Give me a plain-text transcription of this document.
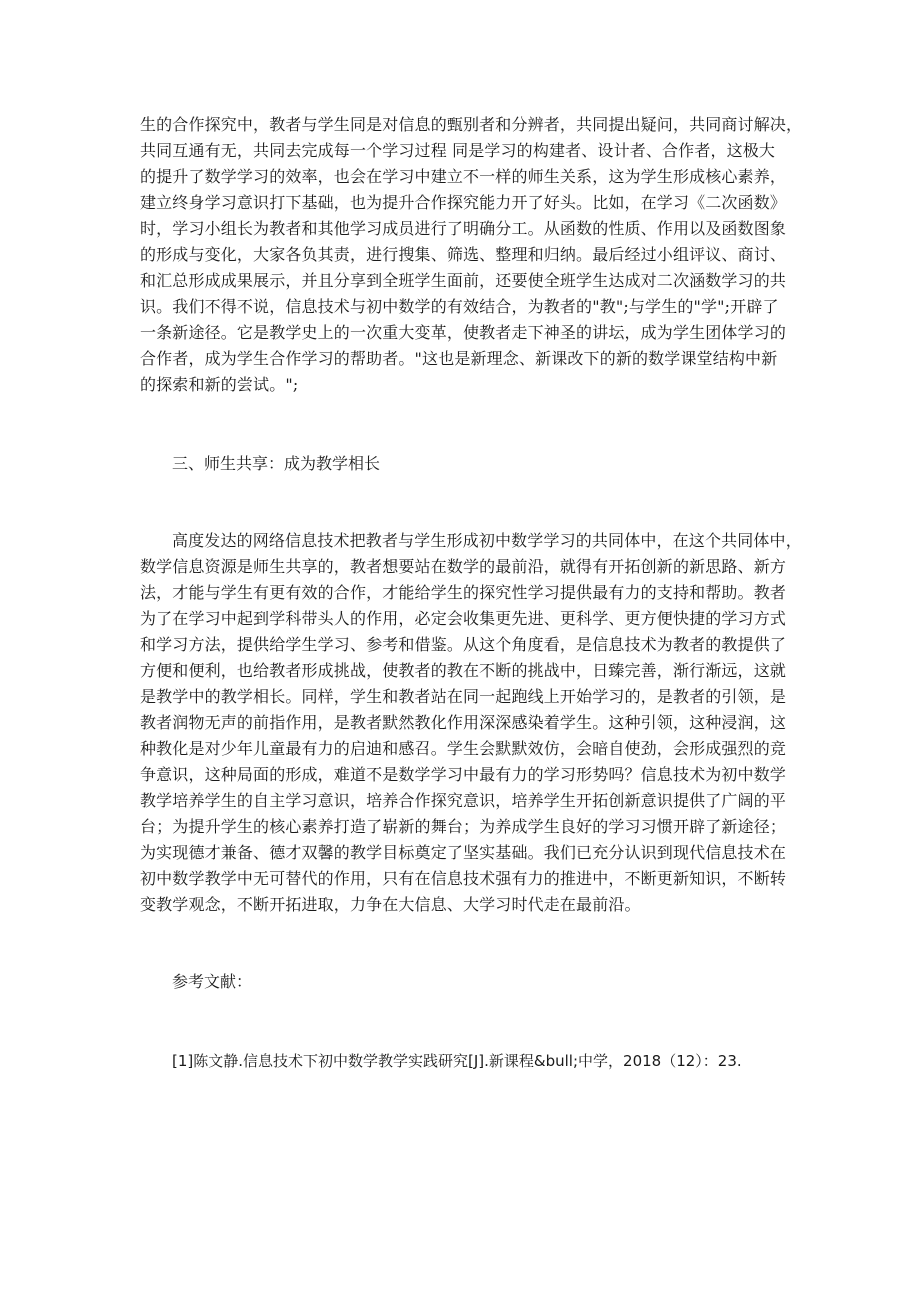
生的合作探究中，教者与学生同是对信息的甄别者和分辨者，共同提出疑问，共同商讨解决，
共同互通有无，共同去完成每一个学习过程 同是学习的构建者、设计者、合作者，这极大
的提升了数学学习的效率，也会在学习中建立不一样的师生关系，这为学生形成核心素养，
建立终身学习意识打下基础，也为提升合作探究能力开了好头。比如，在学习《二次函数》
时，学习小组长为教者和其他学习成员进行了明确分工。从函数的性质、作用以及函数图象
的形成与变化，大家各负其责，进行搜集、筛选、整理和归纳。最后经过小组评议、商讨、
和汇总形成成果展示，并且分享到全班学生面前，还要使全班学生达成对二次涵数学习的共
识。我们不得不说，信息技术与初中数学的有效结合，为教者的"教";与学生的"学";开辟了
一条新途径。它是教学史上的一次重大变革，使教者走下神圣的讲坛，成为学生团体学习的
合作者，成为学生合作学习的帮助者。"这也是新理念、新课改下的新的数学课堂结构中新
的探索和新的尝试。";
三、师生共享：成为教学相长
高度发达的网络信息技术把教者与学生形成初中数学学习的共同体中，在这个共同体中，
数学信息资源是师生共享的，教者想要站在数学的最前沿，就得有开拓创新的新思路、新方
法，才能与学生有更有效的合作，才能给学生的探究性学习提供最有力的支持和帮助。教者
为了在学习中起到学科带头人的作用，必定会收集更先进、更科学、更方便快捷的学习方式
和学习方法，提供给学生学习、参考和借鉴。从这个角度看，是信息技术为教者的教提供了
方便和便利，也给教者形成挑战，使教者的教在不断的挑战中，日臻完善，渐行渐远，这就
是教学中的教学相长。同样，学生和教者站在同一起跑线上开始学习的，是教者的引领，是
教者润物无声的前指作用，是教者默然教化作用深深感染着学生。这种引领，这种浸润，这
种教化是对少年儿童最有力的启迪和感召。学生会默默效仿，会暗自使劲，会形成强烈的竞
争意识，这种局面的形成，难道不是数学学习中最有力的学习形势吗？信息技术为初中数学
教学培养学生的自主学习意识，培养合作探究意识，培养学生开拓创新意识提供了广阔的平
台；为提升学生的核心素养打造了崭新的舞台；为养成学生良好的学习习惯开辟了新途径；
为实现德才兼备、德才双馨的教学目标奠定了坚实基础。我们已充分认识到现代信息技术在
初中数学教学中无可替代的作用，只有在信息技术强有力的推进中，不断更新知识，不断转
变教学观念，不断开拓进取，力争在大信息、大学习时代走在最前沿。
参考文献：
[1]陈文静.信息技术下初中数学教学实践研究[J].新课程&bull;中学，2018（12）：23.
